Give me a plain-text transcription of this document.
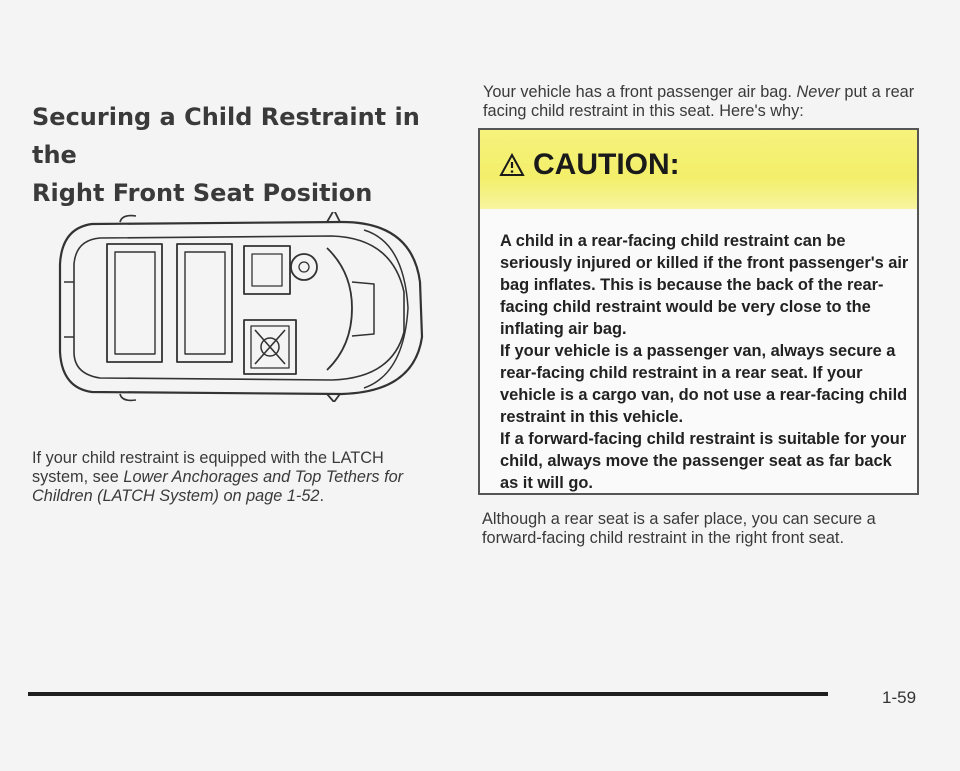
Securing a Child Restraint in the
Right Front Seat Position

If your child restraint is equipped with the LATCH system, see Lower Anchorages and Top Tethers for Children (LATCH System) on page 1-52.

Your vehicle has a front passenger air bag. Never put a rear facing child restraint in this seat. Here's why:

CAUTION:
A child in a rear-facing child restraint can be seriously injured or killed if the front passenger's air bag inflates. This is because the back of the rear-facing child restraint would be very close to the inflating air bag.
If your vehicle is a passenger van, always secure a rear-facing child restraint in a rear seat. If your vehicle is a cargo van, do not use a rear-facing child restraint in this vehicle.
If a forward-facing child restraint is suitable for your child, always move the passenger seat as far back as it will go.

Although a rear seat is a safer place, you can secure a forward-facing child restraint in the right front seat.

1-59
